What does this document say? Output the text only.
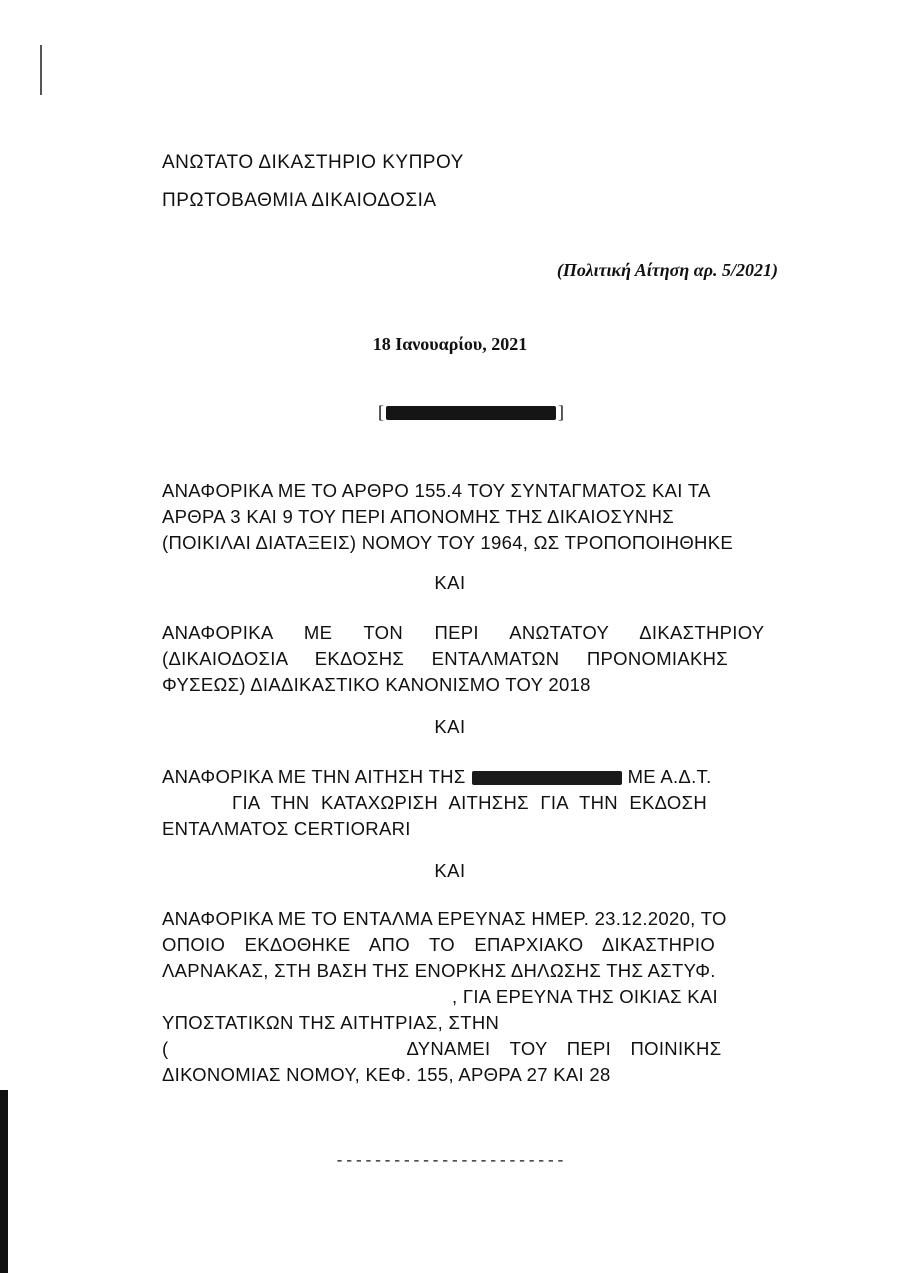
ΑΝΩΤΑΤΟ ΔΙΚΑΣΤΗΡΙΟ ΚΥΠΡΟΥ
ΠΡΩΤΟΒΑΘΜΙΑ ΔΙΚΑΙΟΔΟΣΙΑ
(Πολιτική Αίτηση αρ. 5/2021)
18 Ιανουαρίου, 2021
[	]
ΑΝΑΦΟΡΙΚΑ ΜΕ ΤΟ ΑΡΘΡΟ 155.4 ΤΟΥ ΣΥΝΤΑΓΜΑΤΟΣ ΚΑΙ ΤΑ
ΑΡΘΡΑ 3 ΚΑΙ 9 ΤΟΥ ΠΕΡΙ ΑΠΟΝΟΜΗΣ ΤΗΣ ΔΙΚΑΙΟΣΥΝΗΣ
(ΠΟΙΚΙΛΑΙ ΔΙΑΤΑΞΕΙΣ) ΝΟΜΟΥ ΤΟΥ 1964, ΩΣ ΤΡΟΠΟΠΟΙΗΘΗΚΕ
ΚΑΙ
ΑΝΑΦΟΡΙΚΑ ΜΕ ΤΟΝ ΠΕΡΙ ΑΝΩΤΑΤΟΥ ΔΙΚΑΣΤΗΡΙΟΥ
(ΔΙΚΑΙΟΔΟΣΙΑ ΕΚΔΟΣΗΣ ΕΝΤΑΛΜΑΤΩΝ ΠΡΟΝΟΜΙΑΚΗΣ
ΦΥΣΕΩΣ) ΔΙΑΔΙΚΑΣΤΙΚΟ ΚΑΝΟΝΙΣΜΟ ΤΟΥ 2018
ΚΑΙ
ΑΝΑΦΟΡΙΚΑ ΜΕ ΤΗΝ ΑΙΤΗΣΗ ΤΗΣ	ΜΕ Α.Δ.Τ.
ΓΙΑ ΤΗΝ ΚΑΤΑΧΩΡΙΣΗ ΑΙΤΗΣΗΣ ΓΙΑ ΤΗΝ ΕΚΔΟΣΗ
ΕΝΤΑΛΜΑΤΟΣ CERTIORARI
ΚΑΙ
ΑΝΑΦΟΡΙΚΑ ΜΕ ΤΟ ΕΝΤΑΛΜΑ ΕΡΕΥΝΑΣ ΗΜΕΡ. 23.12.2020, ΤΟ
ΟΠΟΙΟ ΕΚΔΟΘΗΚΕ ΑΠΟ ΤΟ ΕΠΑΡΧΙΑΚΟ ΔΙΚΑΣΤΗΡΙΟ
ΛΑΡΝΑΚΑΣ, ΣΤΗ ΒΑΣΗ ΤΗΣ ΕΝΟΡΚΗΣ ΔΗΛΩΣΗΣ ΤΗΣ ΑΣΤΥΦ.
, ΓΙΑ ΕΡΕΥΝΑ ΤΗΣ ΟΙΚΙΑΣ ΚΑΙ
ΥΠΟΣΤΑΤΙΚΩΝ ΤΗΣ ΑΙΤΗΤΡΙΑΣ, ΣΤΗΝ
(	ΔΥΝΑΜΕΙ ΤΟΥ ΠΕΡΙ ΠΟΙΝΙΚΗΣ
ΔΙΚΟΝΟΜΙΑΣ ΝΟΜΟΥ, ΚΕΦ. 155, ΑΡΘΡΑ 27 ΚΑΙ 28
------------------------
